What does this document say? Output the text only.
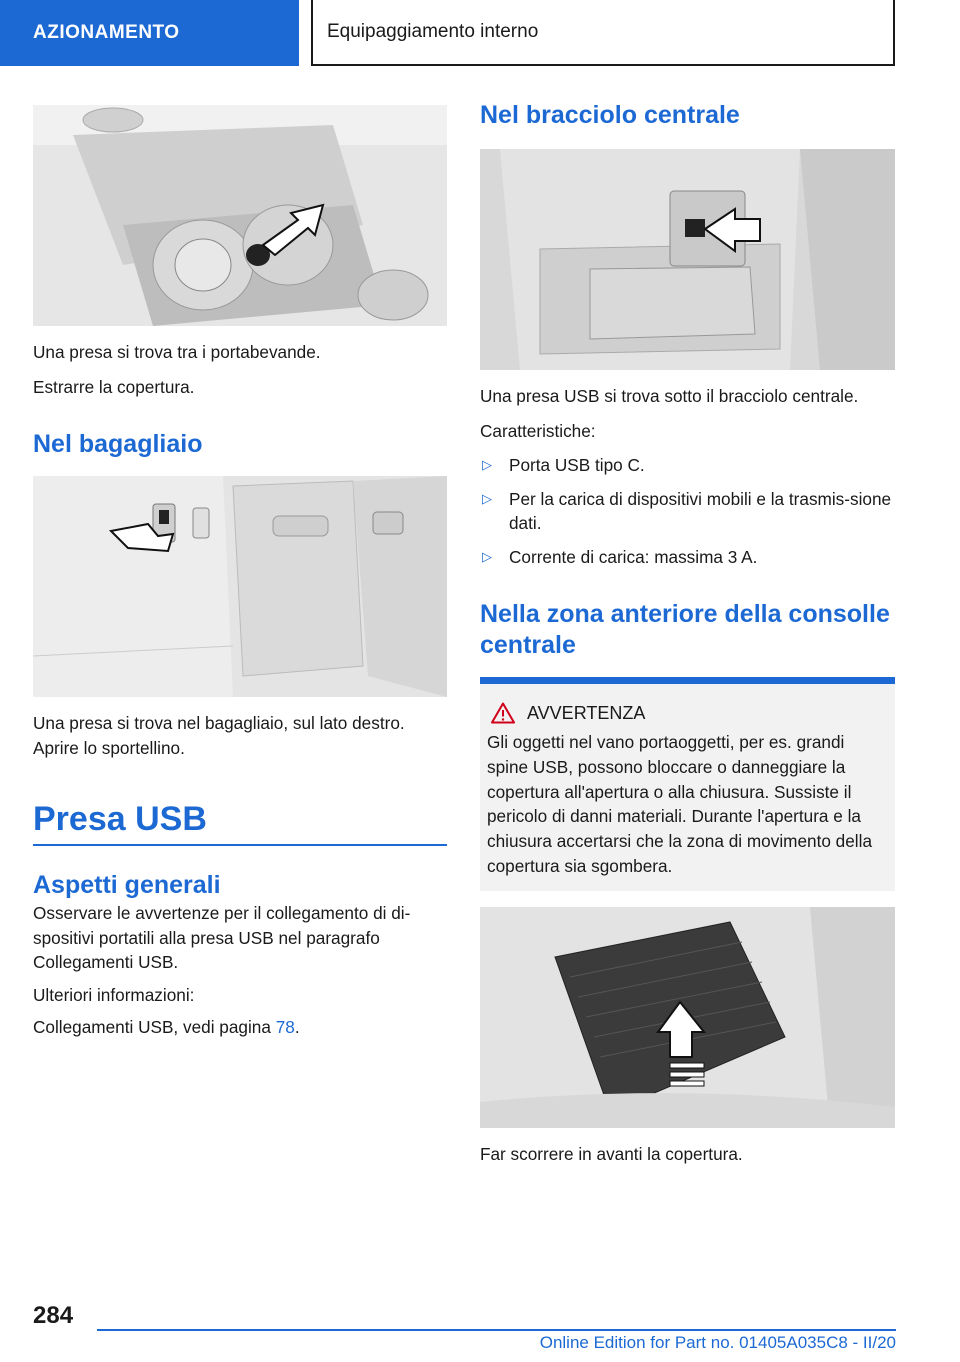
AZIONAMENTO	Equipaggiamento interno

Una presa si trova tra i portabevande.

Estrarre la copertura.

Nel bagagliaio

Una presa si trova nel bagagliaio, sul lato destro.

Aprire lo sportellino.

Presa USB
Aspetti generali

Osservare le avvertenze per il collegamento di di-spositivi portatili alla presa USB nel paragrafo Collegamenti USB.

Ulteriori informazioni:

Collegamenti USB, vedi pagina 78.

Nel bracciolo centrale

Una presa USB si trova sotto il bracciolo centrale.

Caratteristiche:

▷ Porta USB tipo C.
▷ Per la carica di dispositivi mobili e la trasmis-sione dati.
▷ Corrente di carica: massima 3 A.
Nella zona anteriore della consolle centrale
AVVERTENZA
Gli oggetti nel vano portaoggetti, per es. grandi spine USB, possono bloccare o danneggiare la copertura all'apertura o alla chiusura. Sussiste il pericolo di danni materiali. Durante l'apertura e la chiusura accertarsi che la zona di movimento della copertura sia sgombera.

Far scorrere in avanti la copertura.

284
Online Edition for Part no. 01405A035C8 - II/20
